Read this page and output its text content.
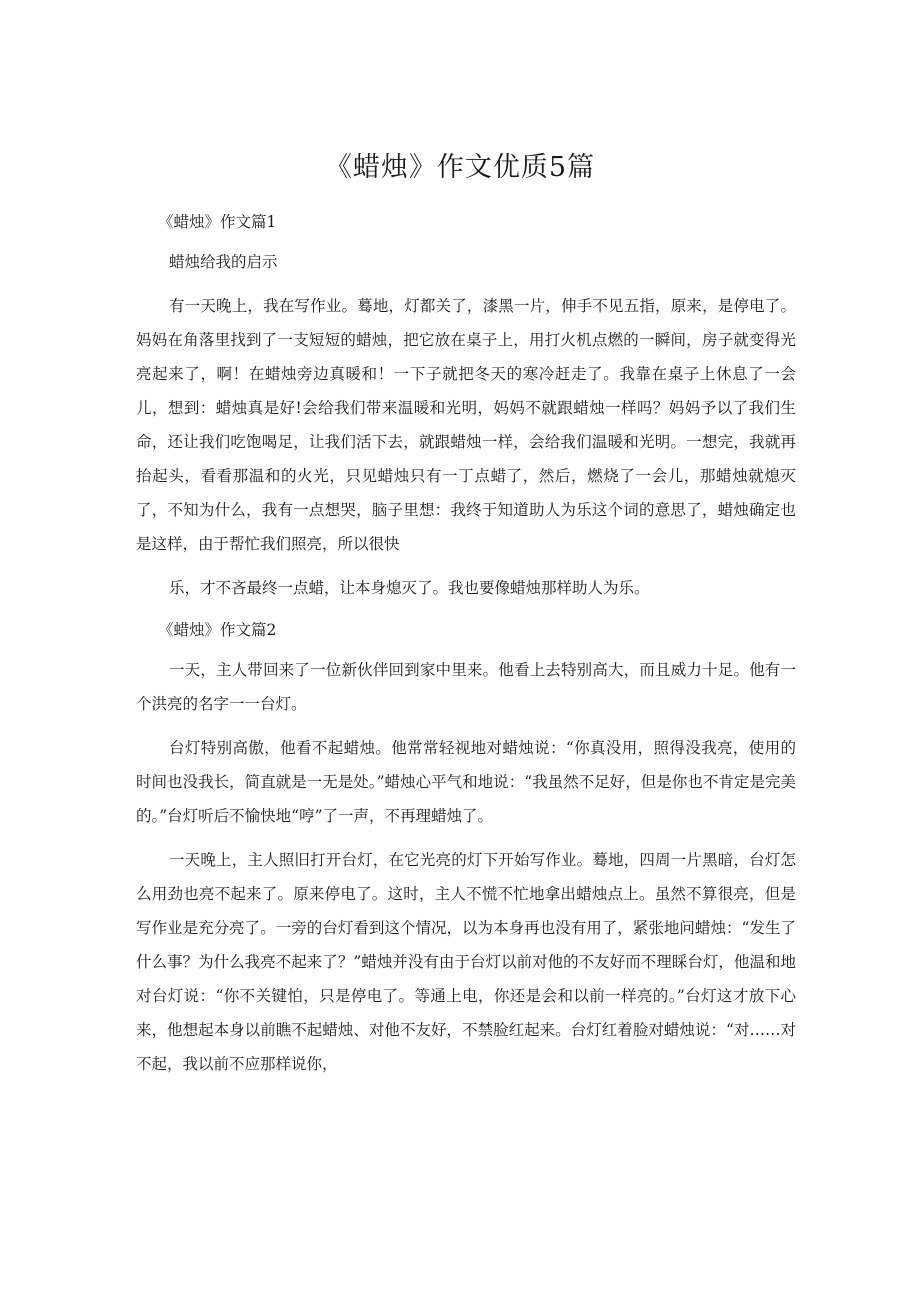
《蜡烛》作文优质5篇

《蜡烛》作文篇1

蜡烛给我的启示

有一天晚上，我在写作业。蓦地，灯都关了，漆黑一片，伸手不见五指，原来，是停电了。妈妈在角落里找到了一支短短的蜡烛，把它放在桌子上，用打火机点燃的一瞬间，房子就变得光亮起来了，啊！在蜡烛旁边真暖和！一下子就把冬天的寒冷赶走了。我靠在桌子上休息了一会儿，想到：蜡烛真是好!会给我们带来温暖和光明，妈妈不就跟蜡烛一样吗？妈妈予以了我们生命，还让我们吃饱喝足，让我们活下去，就跟蜡烛一样，会给我们温暖和光明。一想完，我就再抬起头，看看那温和的火光，只见蜡烛只有一丁点蜡了，然后，燃烧了一会儿，那蜡烛就熄灭了，不知为什么，我有一点想哭，脑子里想：我终于知道助人为乐这个词的意思了，蜡烛确定也是这样，由于帮忙我们照亮，所以很快

乐，才不吝最终一点蜡，让本身熄灭了。我也要像蜡烛那样助人为乐。

《蜡烛》作文篇2

一天，主人带回来了一位新伙伴回到家中里来。他看上去特别高大，而且威力十足。他有一个洪亮的名字一一台灯。

台灯特别高傲，他看不起蜡烛。他常常轻视地对蜡烛说：“你真没用，照得没我亮，使用的时间也没我长，简直就是一无是处。”蜡烛心平气和地说：“我虽然不足好，但是你也不肯定是完美的。”台灯听后不愉快地“哼”了一声，不再理蜡烛了。

一天晚上，主人照旧打开台灯，在它光亮的灯下开始写作业。蓦地，四周一片黑暗，台灯怎么用劲也亮不起来了。原来停电了。这时，主人不慌不忙地拿出蜡烛点上。虽然不算很亮，但是写作业是充分亮了。一旁的台灯看到这个情况，以为本身再也没有用了，紧张地问蜡烛：“发生了什么事？为什么我亮不起来了？”蜡烛并没有由于台灯以前对他的不友好而不理睬台灯，他温和地对台灯说：“你不关键怕，只是停电了。等通上电，你还是会和以前一样亮的。”台灯这才放下心来，他想起本身以前瞧不起蜡烛、对他不友好，不禁脸红起来。台灯红着脸对蜡烛说：“对……对不起，我以前不应那样说你，
